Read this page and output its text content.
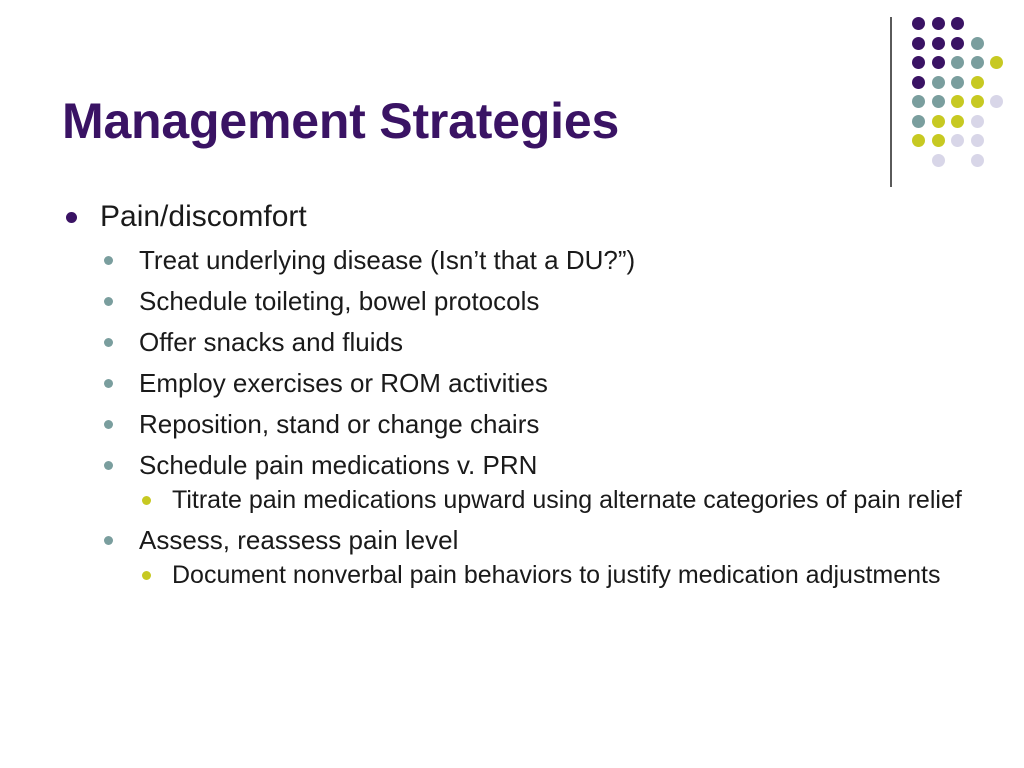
Management Strategies
Pain/discomfort
Treat underlying disease (Isn’t that a DU?”)
Schedule toileting, bowel protocols
Offer snacks and fluids
Employ exercises or ROM activities
Reposition, stand or change chairs
Schedule pain medications v. PRN
Titrate pain medications upward using alternate categories of pain relief
Assess, reassess pain level
Document nonverbal pain behaviors to justify medication adjustments
